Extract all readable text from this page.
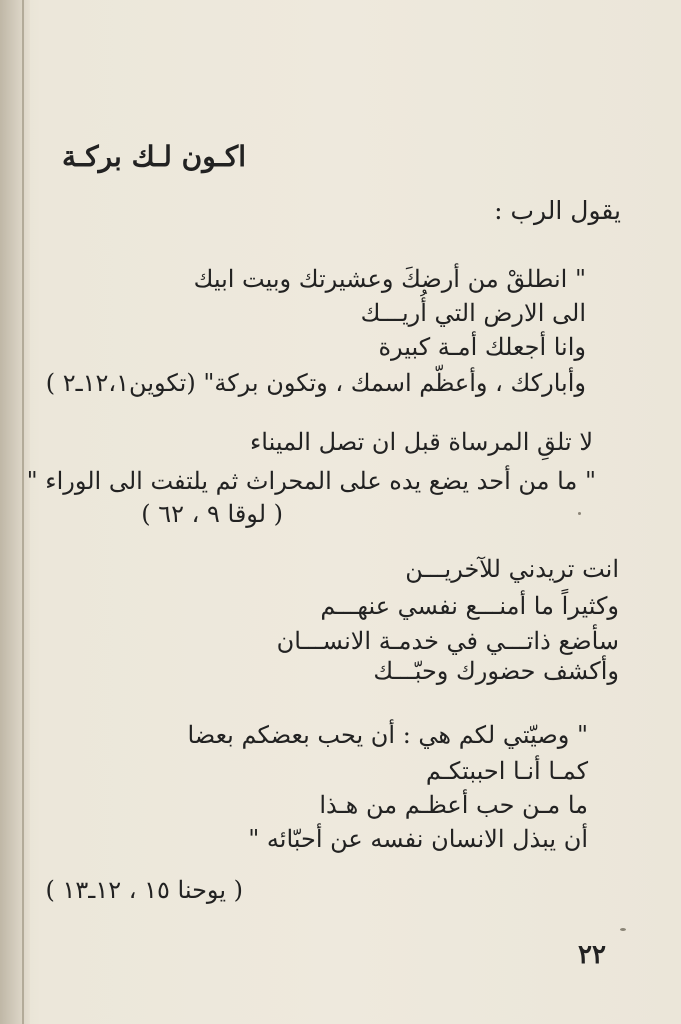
اكـون لـك بركـة

يقول الرب :

" انطلقْ من أرضكَ وعشيرتك وبيت ابيك

الى الارض التي أُريـــك

وانا أجعلك أمـة كبيرة

وأباركك ، وأعظّم اسمك ، وتكون بركة" (تكوين١٢،١ـ٢ )

لا تلقِ المرساة قبل ان تصل الميناء

" ما من أحد يضع يده على المحراث ثم يلتفت الى الوراء "

( لوقا ٩ ، ٦٢ )

انت تريدني للآخريـــن

وكثيراً ما أمنـــع نفسي عنهـــم

سأضع ذاتـــي في خدمـة الانســـان

وأكشف حضورك وحبّـــك

" وصيّتي لكم هي : أن يحب بعضكم بعضا

كمـا أنـا احببتكـم

ما مـن حب أعظـم من هـذا

أن يبذل الانسان نفسه عن أحبّائه "

( يوحنا ١٥ ، ١٢ـ١٣ )

٢٢
